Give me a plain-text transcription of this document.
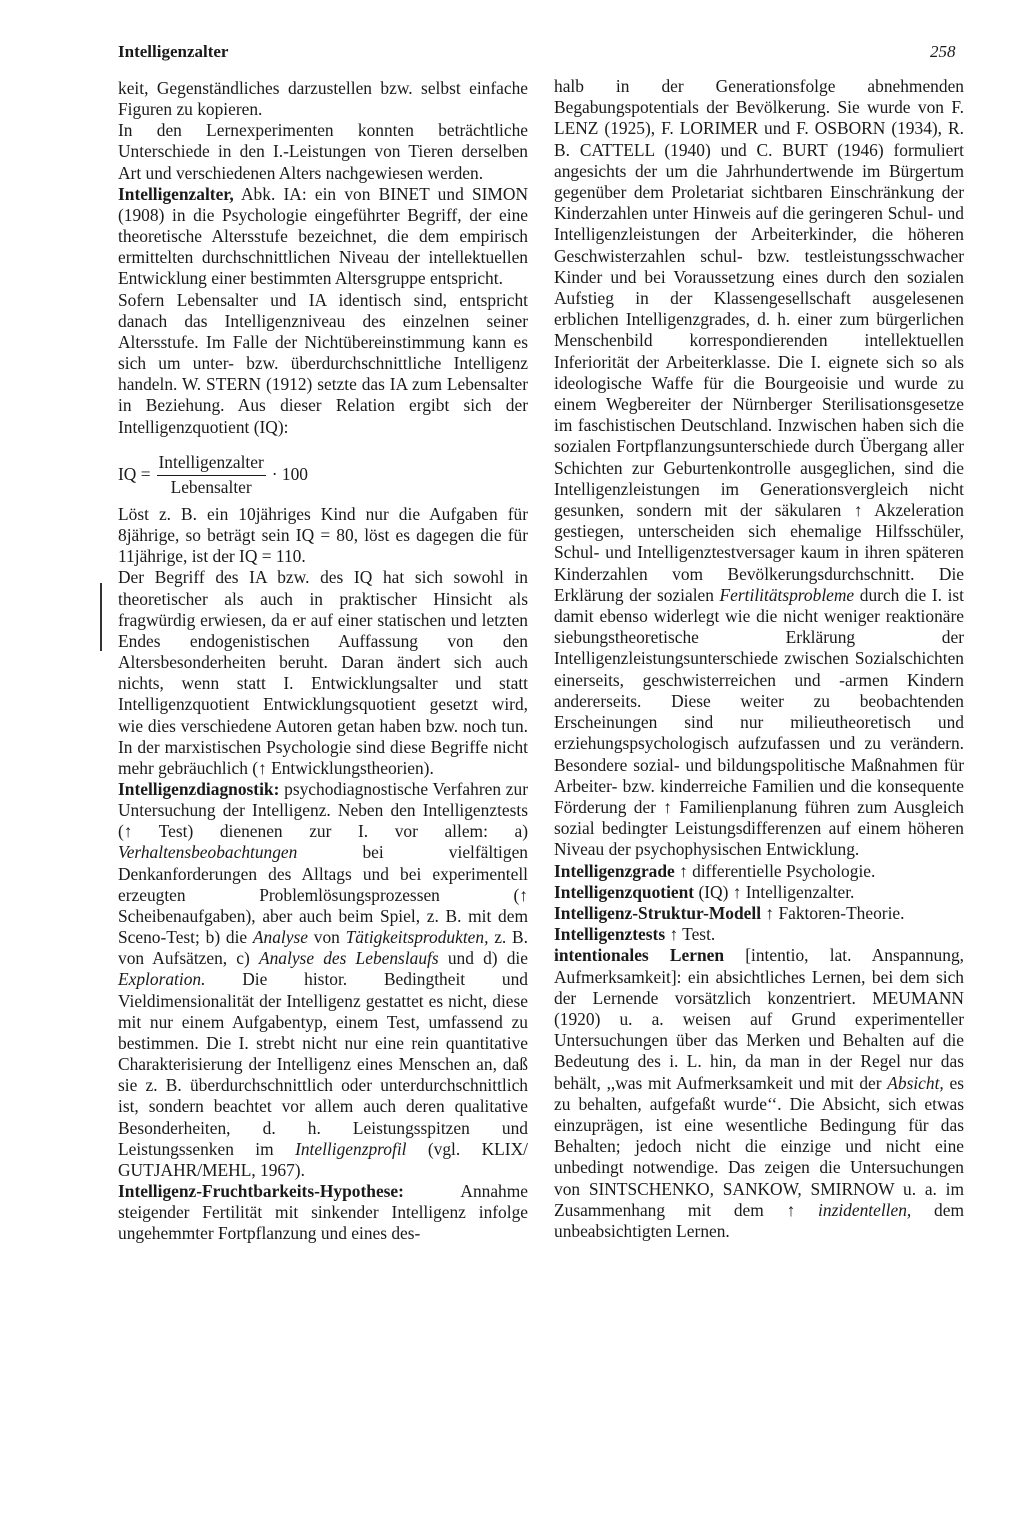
Intelligenzalter	258

keit, Gegenständliches darzustellen bzw. selbst einfache Figuren zu kopieren.

In den Lernexperimenten konnten beträchtliche Unterschiede in den I.-Leistungen von Tieren derselben Art und verschiedenen Alters nachgewiesen werden.

Intelligenzalter, Abk. IA: ein von BINET und SIMON (1908) in die Psychologie eingeführter Begriff, der eine theoretische Altersstufe bezeichnet, die dem empirisch ermittelten durchschnittlichen Niveau der intellektuellen Entwicklung einer bestimmten Altersgruppe entspricht.

Sofern Lebensalter und IA identisch sind, entspricht danach das Intelligenzniveau des einzelnen seiner Altersstufe. Im Falle der Nichtübereinstimmung kann es sich um unter- bzw. überdurchschnittliche Intelligenz handeln. W. STERN (1912) setzte das IA zum Lebensalter in Beziehung. Aus dieser Relation ergibt sich der Intelligenzquotient (IQ):

IQ = $\frac{\text{Intelligenzalter}}{\text{Lebensalter}} \cdot 100$

Löst z. B. ein 10jähriges Kind nur die Aufgaben für 8jährige, so beträgt sein IQ = 80, löst es dagegen die für 11jährige, ist der IQ = 110.

Der Begriff des IA bzw. des IQ hat sich sowohl in theoretischer als auch in praktischer Hinsicht als fragwürdig erwiesen, da er auf einer statischen und letzten Endes endogenistischen Auffassung von den Altersbesonderheiten beruht. Daran ändert sich auch nichts, wenn statt I. Entwicklungsalter und statt Intelligenzquotient Entwicklungsquotient gesetzt wird, wie dies verschiedene Autoren getan haben bzw. noch tun. In der marxistischen Psychologie sind diese Begriffe nicht mehr gebräuchlich (↑ Entwicklungstheorien).

Intelligenzdiagnostik: psychodiagnostische Verfahren zur Untersuchung der Intelligenz. Neben den Intelligenztests (↑ Test) dienenen zur I. vor allem: a) Verhaltensbeobachtungen bei vielfältigen Denkanforderungen des Alltags und bei experimentell erzeugten Problemlösungsprozessen (↑ Scheibenaufgaben), aber auch beim Spiel, z. B. mit dem Sceno-Test; b) die Analyse von Tätigkeitsprodukten, z. B. von Aufsätzen, c) Analyse des Lebenslaufs und d) die Exploration. Die histor. Bedingtheit und Vieldimensionalität der Intelligenz gestattet es nicht, diese mit nur einem Aufgabentyp, einem Test, umfassend zu bestimmen. Die I. strebt nicht nur eine rein quantitative Charakterisierung der Intelligenz eines Menschen an, daß sie z. B. überdurchschnittlich oder unterdurchschnittlich ist, sondern beachtet vor allem auch deren qualitative Besonderheiten, d. h. Leistungsspitzen und Leistungssenken im Intelligenzprofil (vgl. KLIX/ GUTJAHR/MEHL, 1967).

Intelligenz-Fruchtbarkeits-Hypothese: Annahme steigender Fertilität mit sinkender Intelligenz infolge ungehemmter Fortpflanzung und eines des-

halb in der Generationsfolge abnehmenden Begabungspotentials der Bevölkerung. Sie wurde von F. LENZ (1925), F. LORIMER und F. OSBORN (1934), R. B. CATTELL (1940) und C. BURT (1946) formuliert angesichts der um die Jahrhundertwende im Bürgertum gegenüber dem Proletariat sichtbaren Einschränkung der Kinderzahlen unter Hinweis auf die geringeren Schul- und Intelligenzleistungen der Arbeiterkinder, die höheren Geschwisterzahlen schul- bzw. testleistungsschwacher Kinder und bei Voraussetzung eines durch den sozialen Aufstieg in der Klassengesellschaft ausgelesenen erblichen Intelligenzgrades, d. h. einer zum bürgerlichen Menschenbild korrespondierenden intellektuellen Inferiorität der Arbeiterklasse. Die I. eignete sich so als ideologische Waffe für die Bourgeoisie und wurde zu einem Wegbereiter der Nürnberger Sterilisationsgesetze im faschistischen Deutschland. Inzwischen haben sich die sozialen Fortpflanzungsunterschiede durch Übergang aller Schichten zur Geburtenkontrolle ausgeglichen, sind die Intelligenzleistungen im Generationsvergleich nicht gesunken, sondern mit der säkularen ↑ Akzeleration gestiegen, unterscheiden sich ehemalige Hilfsschüler, Schul- und Intelligenztestversager kaum in ihren späteren Kinderzahlen vom Bevölkerungsdurchschnitt. Die Erklärung der sozialen Fertilitätsprobleme durch die I. ist damit ebenso widerlegt wie die nicht weniger reaktionäre siebungstheoretische Erklärung der Intelligenzleistungsunterschiede zwischen Sozialschichten einerseits, geschwisterreichen und -armen Kindern andererseits. Diese weiter zu beobachtenden Erscheinungen sind nur milieutheoretisch und erziehungspsychologisch aufzufassen und zu verändern. Besondere sozial- und bildungspolitische Maßnahmen für Arbeiter- bzw. kinderreiche Familien und die konsequente Förderung der ↑ Familienplanung führen zum Ausgleich sozial bedingter Leistungsdifferenzen auf einem höheren Niveau der psychophysischen Entwicklung.

Intelligenzgrade ↑ differentielle Psychologie.

Intelligenzquotient (IQ) ↑ Intelligenzalter.

Intelligenz-Struktur-Modell ↑ Faktoren-Theorie.

Intelligenztests ↑ Test.

intentionales Lernen [intentio, lat. Anspannung, Aufmerksamkeit]: ein absichtliches Lernen, bei dem sich der Lernende vorsätzlich konzentriert. MEUMANN (1920) u. a. weisen auf Grund experimenteller Untersuchungen über das Merken und Behalten auf die Bedeutung des i. L. hin, da man in der Regel nur das behält, ,,was mit Aufmerksamkeit und mit der Absicht, es zu behalten, aufgefaßt wurde‘‘. Die Absicht, sich etwas einzuprägen, ist eine wesentliche Bedingung für das Behalten; jedoch nicht die einzige und nicht eine unbedingt notwendige. Das zeigen die Untersuchungen von SINTSCHENKO, SANKOW, SMIRNOW u. a. im Zusammenhang mit dem ↑ inzidentellen, dem unbeabsichtigten Lernen.
